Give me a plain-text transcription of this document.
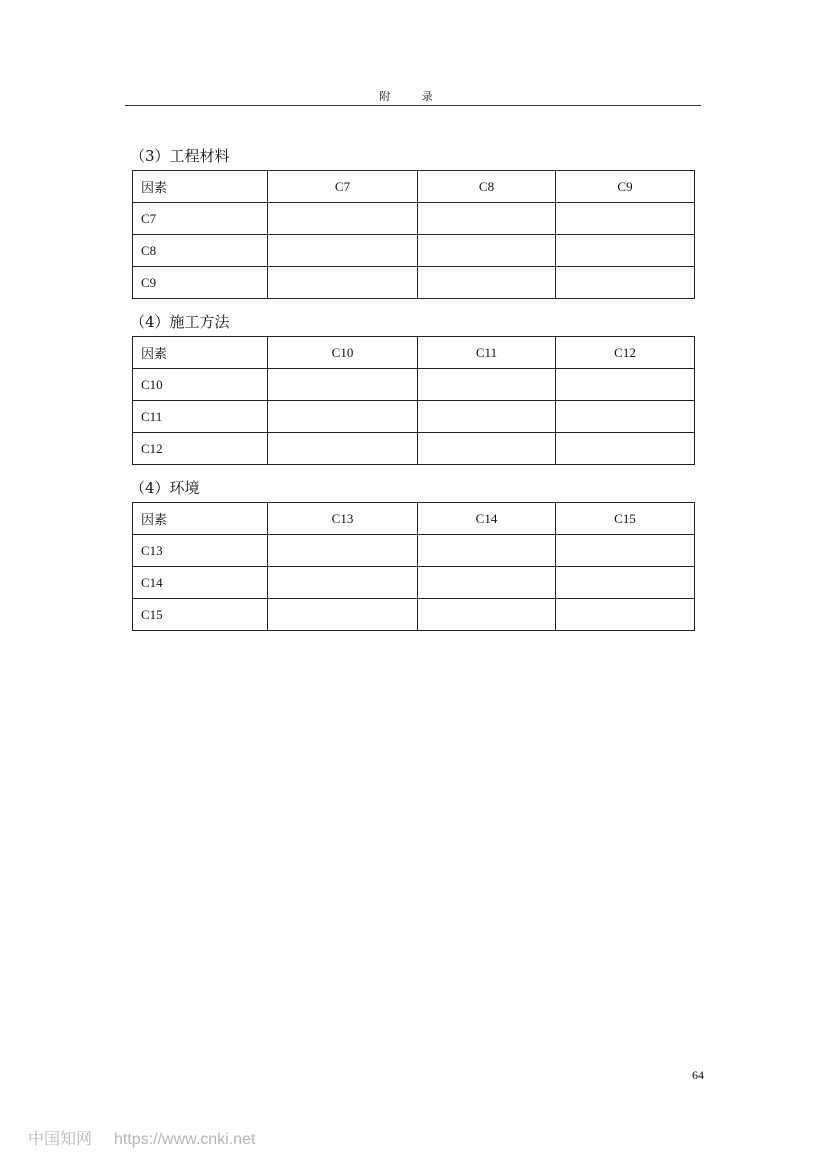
附 录
（3）工程材料
因素	C7	C8	C9
C7			
C8			
C9			
（4）施工方法
因素	C10	C11	C12
C10			
C11			
C12			
（4）环境
因素	C13	C14	C15
C13			
C14			
C15			
64
中国知网 https://www.cnki.net
